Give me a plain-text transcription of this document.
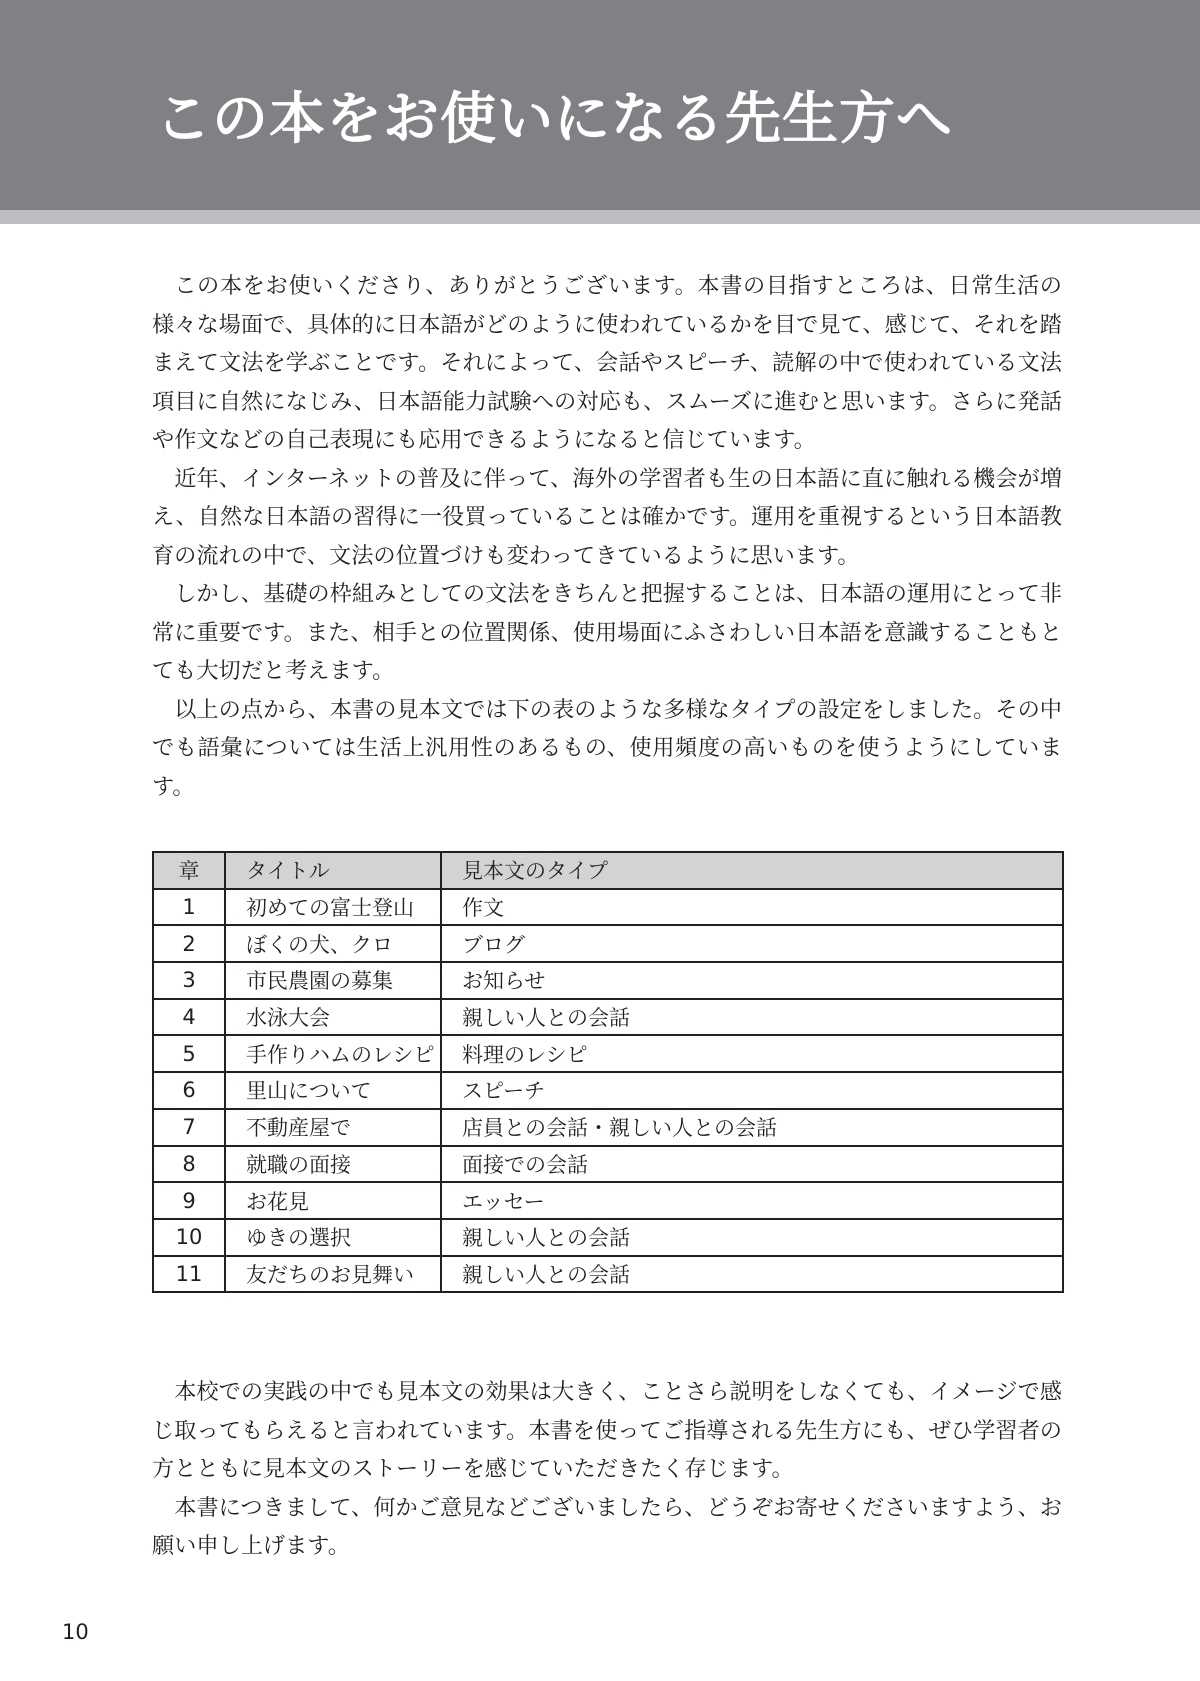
この本をお使いになる先生方へ

この本をお使いくださり、ありがとうございます。本書の目指すところは、日常生活の様々な場面で、具体的に日本語がどのように使われているかを目で見て、感じて、それを踏まえて文法を学ぶことです。それによって、会話やスピーチ、読解の中で使われている文法項目に自然になじみ、日本語能力試験への対応も、スムーズに進むと思います。さらに発話や作文などの自己表現にも応用できるようになると信じています。

近年、インターネットの普及に伴って、海外の学習者も生の日本語に直に触れる機会が増え、自然な日本語の習得に一役買っていることは確かです。運用を重視するという日本語教育の流れの中で、文法の位置づけも変わってきているように思います。

しかし、基礎の枠組みとしての文法をきちんと把握することは、日本語の運用にとって非常に重要です。また、相手との位置関係、使用場面にふさわしい日本語を意識することもとても大切だと考えます。

以上の点から、本書の見本文では下の表のような多様なタイプの設定をしました。その中でも語彙については生活上汎用性のあるもの、使用頻度の高いものを使うようにしています。

章	タイトル	見本文のタイプ
1	初めての富士登山	作文
2	ぼくの犬、クロ	ブログ
3	市民農園の募集	お知らせ
4	水泳大会	親しい人との会話
5	手作りハムのレシピ	料理のレシピ
6	里山について	スピーチ
7	不動産屋で	店員との会話・親しい人との会話
8	就職の面接	面接での会話
9	お花見	エッセー
10	ゆきの選択	親しい人との会話
11	友だちのお見舞い	親しい人との会話

本校での実践の中でも見本文の効果は大きく、ことさら説明をしなくても、イメージで感じ取ってもらえると言われています。本書を使ってご指導される先生方にも、ぜひ学習者の方とともに見本文のストーリーを感じていただきたく存じます。

本書につきまして、何かご意見などございましたら、どうぞお寄せくださいますよう、お願い申し上げます。

10
